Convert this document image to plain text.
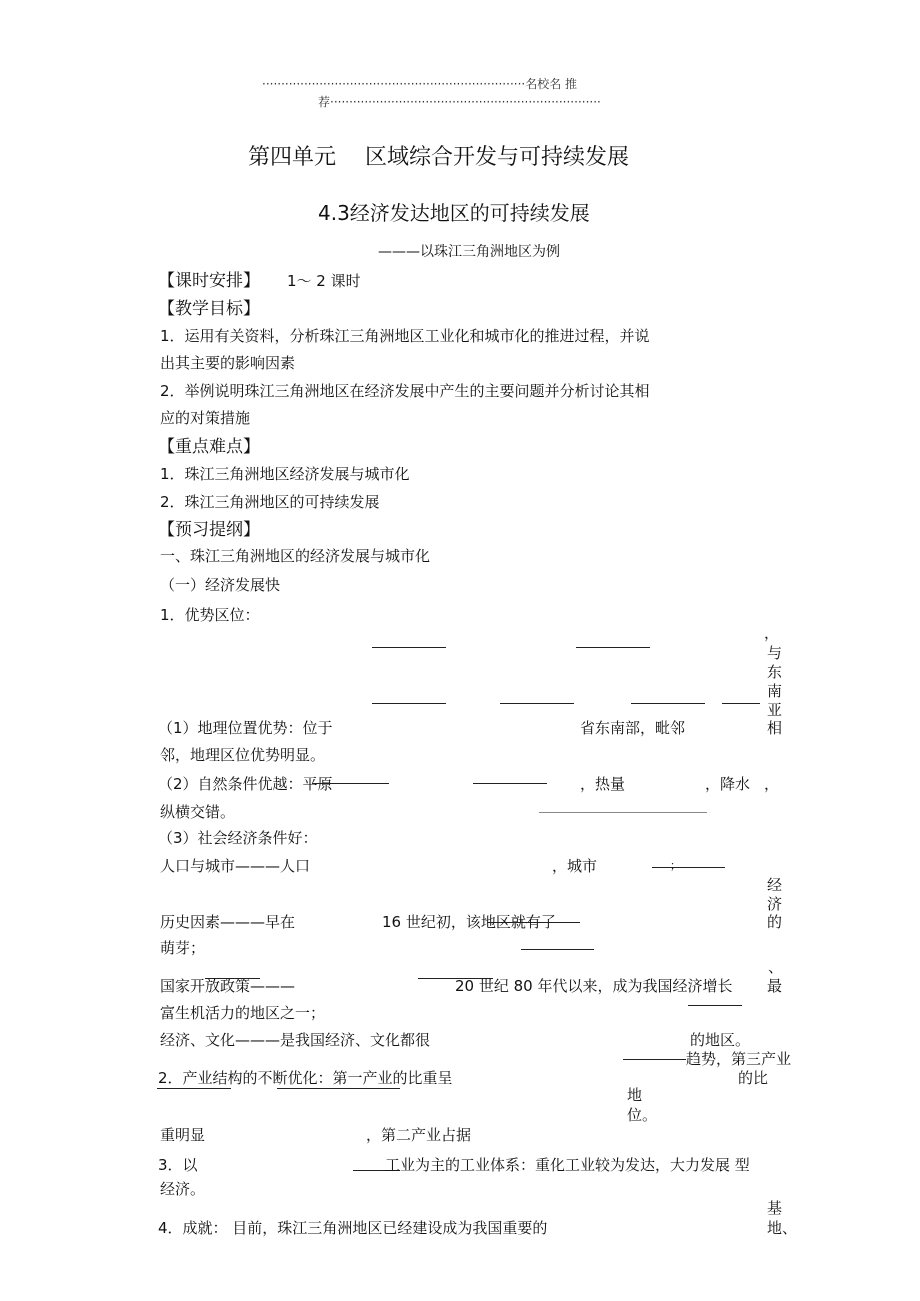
·····································································名校名 推
荐·······································································
第四单元　 区域综合开发与可持续发展
4.3经济发达地区的可持续发展
———以珠江三角洲地区为例
【课时安排】 1～ 2 课时
【教学目标】
1．运用有关资料，分析珠江三角洲地区工业化和城市化的推进过程，并说
出其主要的影响因素
2．举例说明珠江三角洲地区在经济发展中产生的主要问题并分析讨论其相
应的对策措施
【重点难点】
1．珠江三角洲地区经济发展与城市化
2．珠江三角洲地区的可持续发展
【预习提纲】
一、珠江三角洲地区的经济发展与城市化
（一）经济发展快
1．优势区位：
，
与
东
南
亚
相
（1）地理位置优势：位于	省东南部，毗邻
邻，地理区位优势明显。
（2）自然条件优越：平原	，热量	，降水 ，
纵横交错。
（3）社会经济条件好：
人口与城市———人口	，城市	；
经
济
的
历史因素———早在	16 世纪初，该地区就有了
萌芽；
、
国家开放政策———	20 世纪 80 年代以来，成为我国经济增长 最
富生机活力的地区之一；
经济、文化———是我国经济、文化都很	的地区。
趋势，第三产业
2．产业结构的不断优化：第一产业的比重呈	的比
地
位。
重明显	，第二产业占据
3．以	工业为主的工业体系：重化工业较为发达，大力发展 型
经济。
基
4．成就： 目前，珠江三角洲地区已经建设成为我国重要的	地、
